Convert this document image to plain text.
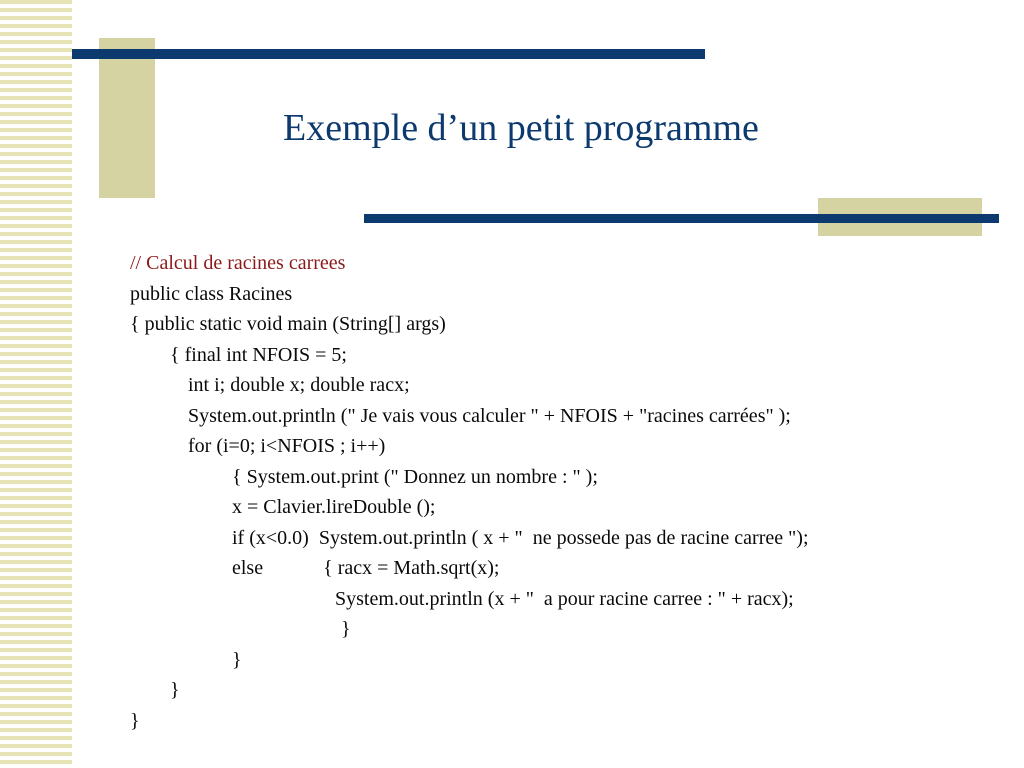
Exemple d’un petit programme
// Calcul de racines carrees
public class Racines
{ public static void main (String[] args)
{ final int NFOIS = 5;
int i; double x; double racx;
System.out.println (" Je vais vous calculer " + NFOIS + "racines carrées" );
for (i=0; i<NFOIS ; i++)
{ System.out.print (" Donnez un nombre : " );
x = Clavier.lireDouble ();
if (x<0.0)  System.out.println ( x + "  ne possede pas de racine carree ");
else	{ racx = Math.sqrt(x);
System.out.println (x + "  a pour racine carree : " + racx);
}
}
}
}
